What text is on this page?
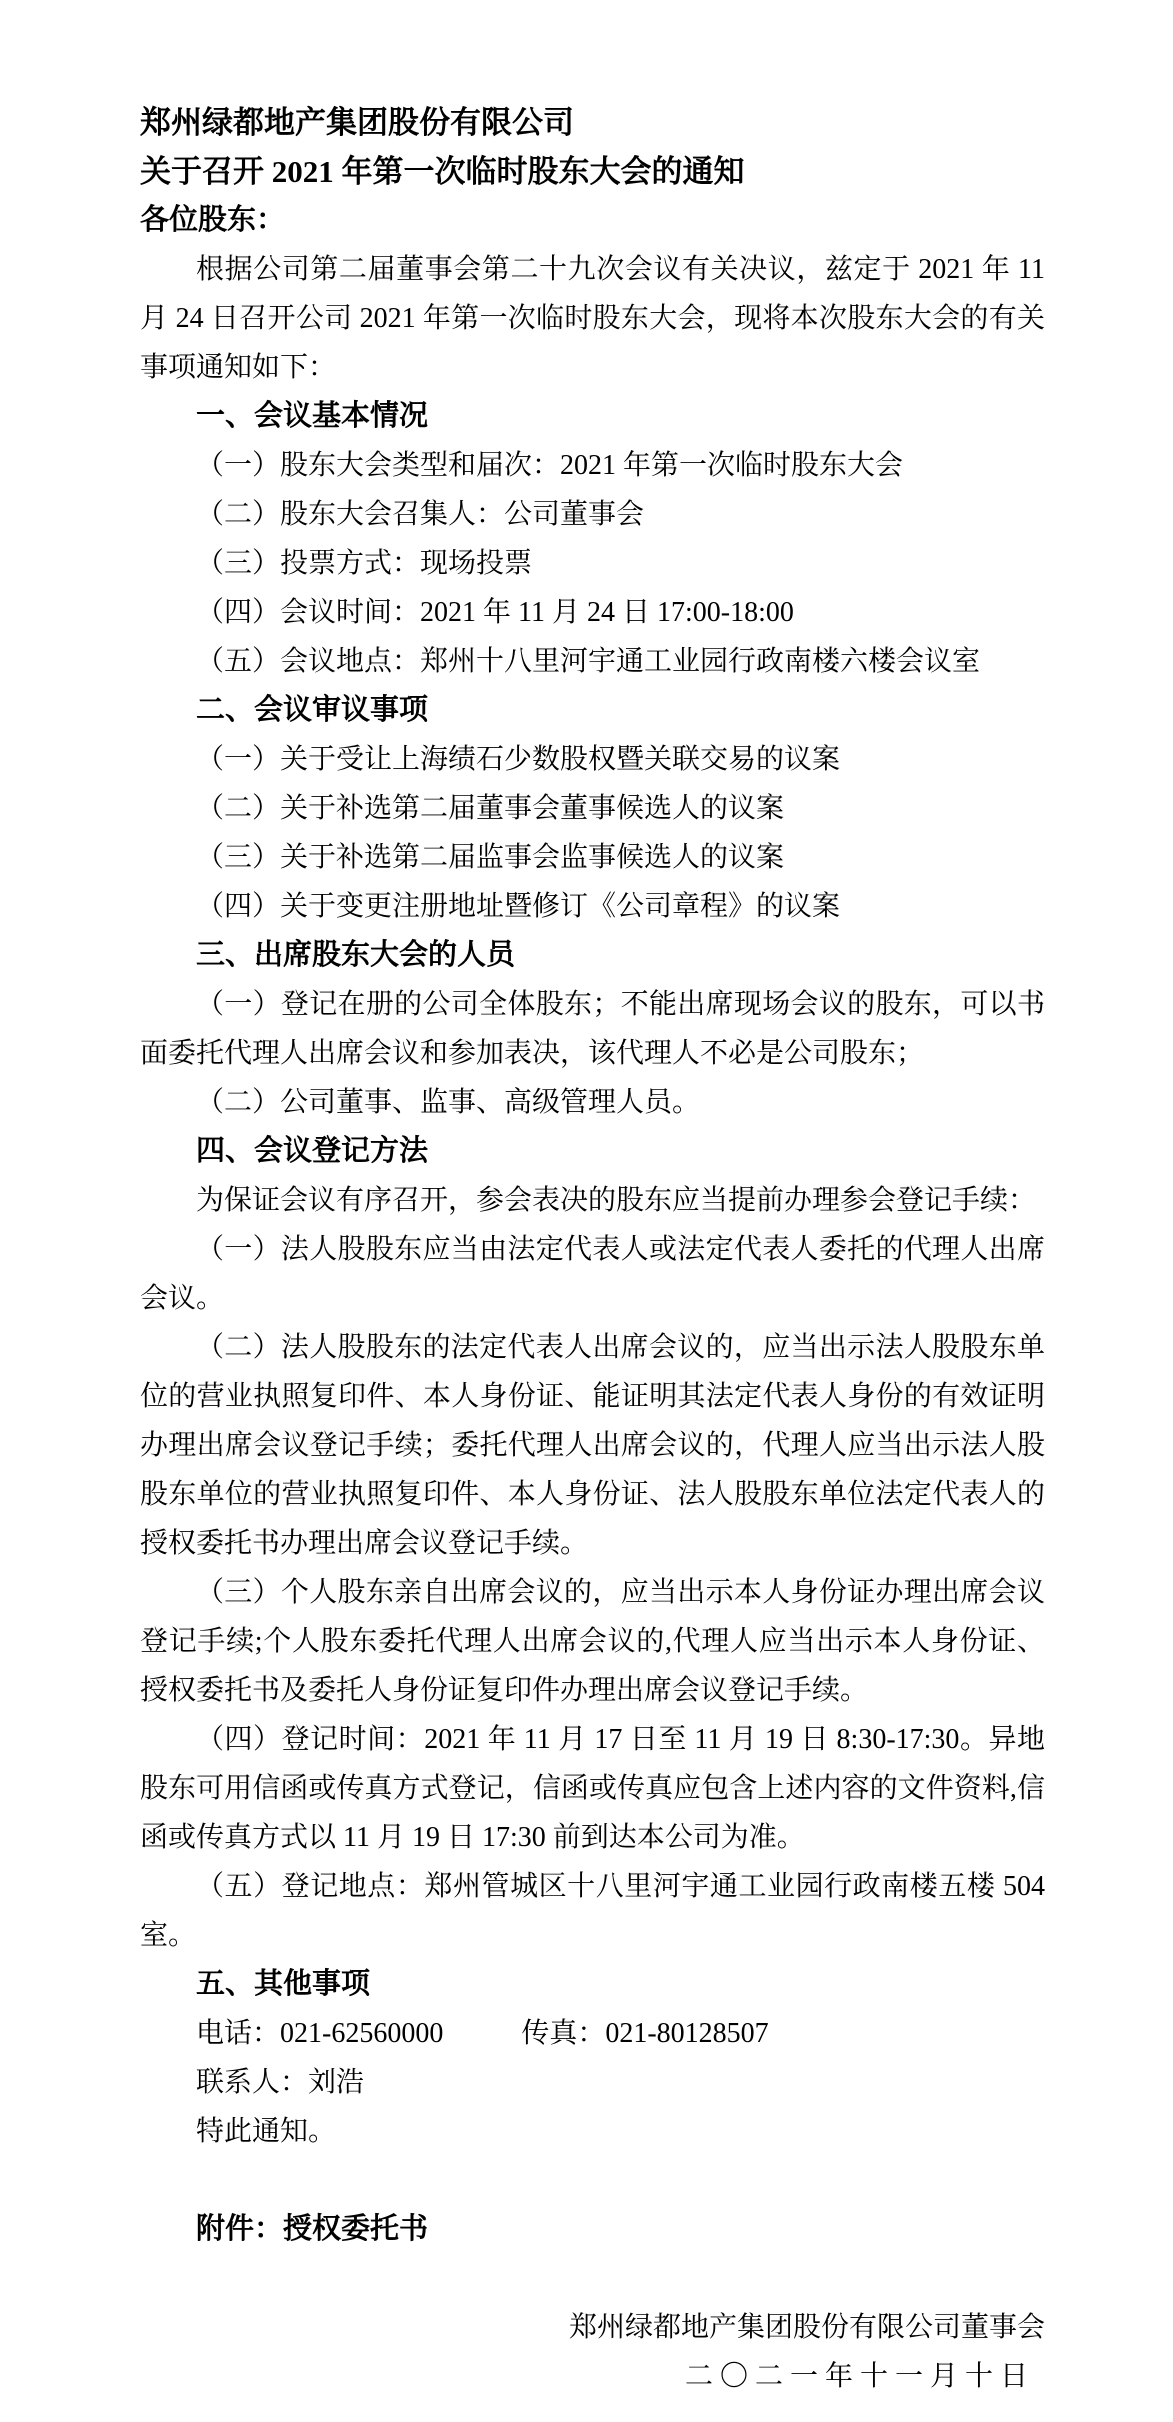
郑州绿都地产集团股份有限公司

关于召开 2021 年第一次临时股东大会的通知

各位股东：

根据公司第二届董事会第二十九次会议有关决议，兹定于 2021 年 11 月 24 日召开公司 2021 年第一次临时股东大会，现将本次股东大会的有关事项通知如下：

一、会议基本情况

（一）股东大会类型和届次：2021 年第一次临时股东大会

（二）股东大会召集人：公司董事会

（三）投票方式：现场投票

（四）会议时间：2021 年 11 月 24 日 17:00-18:00

（五）会议地点：郑州十八里河宇通工业园行政南楼六楼会议室

二、会议审议事项

（一）关于受让上海绩石少数股权暨关联交易的议案

（二）关于补选第二届董事会董事候选人的议案

（三）关于补选第二届监事会监事候选人的议案

（四）关于变更注册地址暨修订《公司章程》的议案

三、出席股东大会的人员

（一）登记在册的公司全体股东；不能出席现场会议的股东，可以书面委托代理人出席会议和参加表决，该代理人不必是公司股东；

（二）公司董事、监事、高级管理人员。

四、会议登记方法

为保证会议有序召开，参会表决的股东应当提前办理参会登记手续：

（一）法人股股东应当由法定代表人或法定代表人委托的代理人出席会议。

（二）法人股股东的法定代表人出席会议的，应当出示法人股股东单位的营业执照复印件、本人身份证、能证明其法定代表人身份的有效证明办理出席会议登记手续；委托代理人出席会议的，代理人应当出示法人股股东单位的营业执照复印件、本人身份证、法人股股东单位法定代表人的授权委托书办理出席会议登记手续。

（三）个人股东亲自出席会议的，应当出示本人身份证办理出席会议登记手续;个人股东委托代理人出席会议的,代理人应当出示本人身份证、授权委托书及委托人身份证复印件办理出席会议登记手续。

（四）登记时间：2021 年 11 月 17 日至 11 月 19 日 8:30-17:30。异地股东可用信函或传真方式登记，信函或传真应包含上述内容的文件资料,信函或传真方式以 11 月 19 日 17:30 前到达本公司为准。

（五）登记地点：郑州管城区十八里河宇通工业园行政南楼五楼 504室。

五、其他事项

电话：021-62560000	传真：021-80128507

联系人：刘浩

特此通知。

附件：授权委托书

郑州绿都地产集团股份有限公司董事会

二〇二一年十一月十日
